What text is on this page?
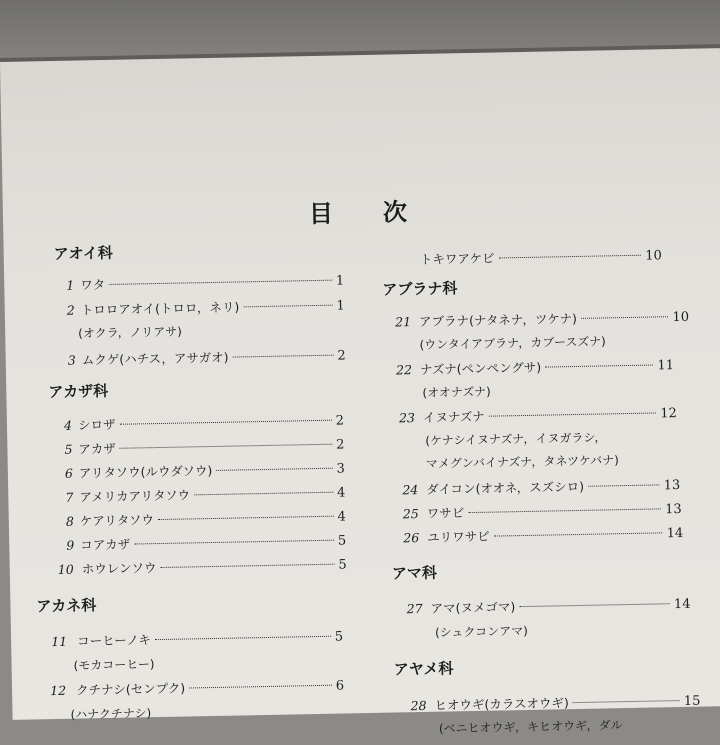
目 次
アオイ科
1 ワタ	1
2 トロロアオイ(トロロ，ネリ)	1
(オクラ，ノリアサ)
3 ムクゲ(ハチス，アサガオ)	2
アカザ科
4 シロザ	2
5 アカザ	2
6 アリタソウ(ルウダソウ)	3
7 アメリカアリタソウ	4
8 ケアリタソウ	4
9 コアカザ	5
10 ホウレンソウ	5
アカネ科
11 コーヒーノキ	5
(モカコーヒー)
12 クチナシ(センプク)	6
(ハナクチナシ)
トキワアケビ	10
アブラナ科
21 アブラナ(ナタネナ，ツケナ)	10
(ウンタイアブラナ，カブースズナ)
22 ナズナ(ペンペングサ)	11
(オオナズナ)
23 イヌナズナ	12
(ケナシイヌナズナ，イヌガラシ，
マメグンバイナズナ，タネツケバナ)
24 ダイコン(オオネ，スズシロ)	13
25 ワサビ	13
26 ユリワサビ	14
アマ科
27 アマ(ヌメゴマ)	14
(シュクコンアマ)
アヤメ科
28 ヒオウギ(カラスオウギ)	15
(ベニヒオウギ，キヒオウギ，ダル
